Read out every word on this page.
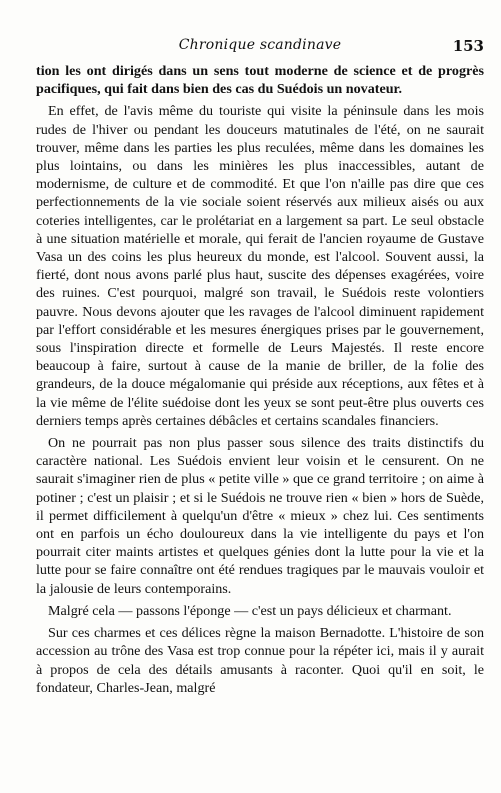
Chronique scandinave	153

tion les ont dirigés dans un sens tout moderne de science et de progrès pacifiques, qui fait dans bien des cas du Suédois un novateur.

En effet, de l'avis même du touriste qui visite la péninsule dans les mois rudes de l'hiver ou pendant les douceurs matutinales de l'été, on ne saurait trouver, même dans les parties les plus reculées, même dans les domaines les plus lointains, ou dans les minières les plus inaccessibles, autant de modernisme, de culture et de commodité. Et que l'on n'aille pas dire que ces perfectionnements de la vie sociale soient réservés aux milieux aisés ou aux coteries intelligentes, car le prolétariat en a largement sa part. Le seul obstacle à une situation matérielle et morale, qui ferait de l'ancien royaume de Gustave Vasa un des coins les plus heureux du monde, est l'alcool. Souvent aussi, la fierté, dont nous avons parlé plus haut, suscite des dépenses exagérées, voire des ruines. C'est pourquoi, malgré son travail, le Suédois reste volontiers pauvre. Nous devons ajouter que les ravages de l'alcool diminuent rapidement par l'effort considérable et les mesures énergiques prises par le gouvernement, sous l'inspiration directe et formelle de Leurs Majestés. Il reste encore beaucoup à faire, surtout à cause de la manie de briller, de la folie des grandeurs, de la douce mégalomanie qui préside aux réceptions, aux fêtes et à la vie même de l'élite suédoise dont les yeux se sont peut-être plus ouverts ces derniers temps après certaines débâcles et certains scandales financiers.

On ne pourrait pas non plus passer sous silence des traits distinctifs du caractère national. Les Suédois envient leur voisin et le censurent. On ne saurait s'imaginer rien de plus « petite ville » que ce grand territoire ; on aime à potiner ; c'est un plaisir ; et si le Suédois ne trouve rien « bien » hors de Suède, il permet difficilement à quelqu'un d'être « mieux » chez lui. Ces sentiments ont en parfois un écho douloureux dans la vie intelligente du pays et l'on pourrait citer maints artistes et quelques génies dont la lutte pour la vie et la lutte pour se faire connaître ont été rendues tragiques par le mauvais vouloir et la jalousie de leurs contemporains.

Malgré cela — passons l'éponge — c'est un pays délicieux et charmant.

Sur ces charmes et ces délices règne la maison Bernadotte. L'histoire de son accession au trône des Vasa est trop connue pour la répéter ici, mais il y aurait à propos de cela des détails amusants à raconter. Quoi qu'il en soit, le fondateur, Charles-Jean, malgré
